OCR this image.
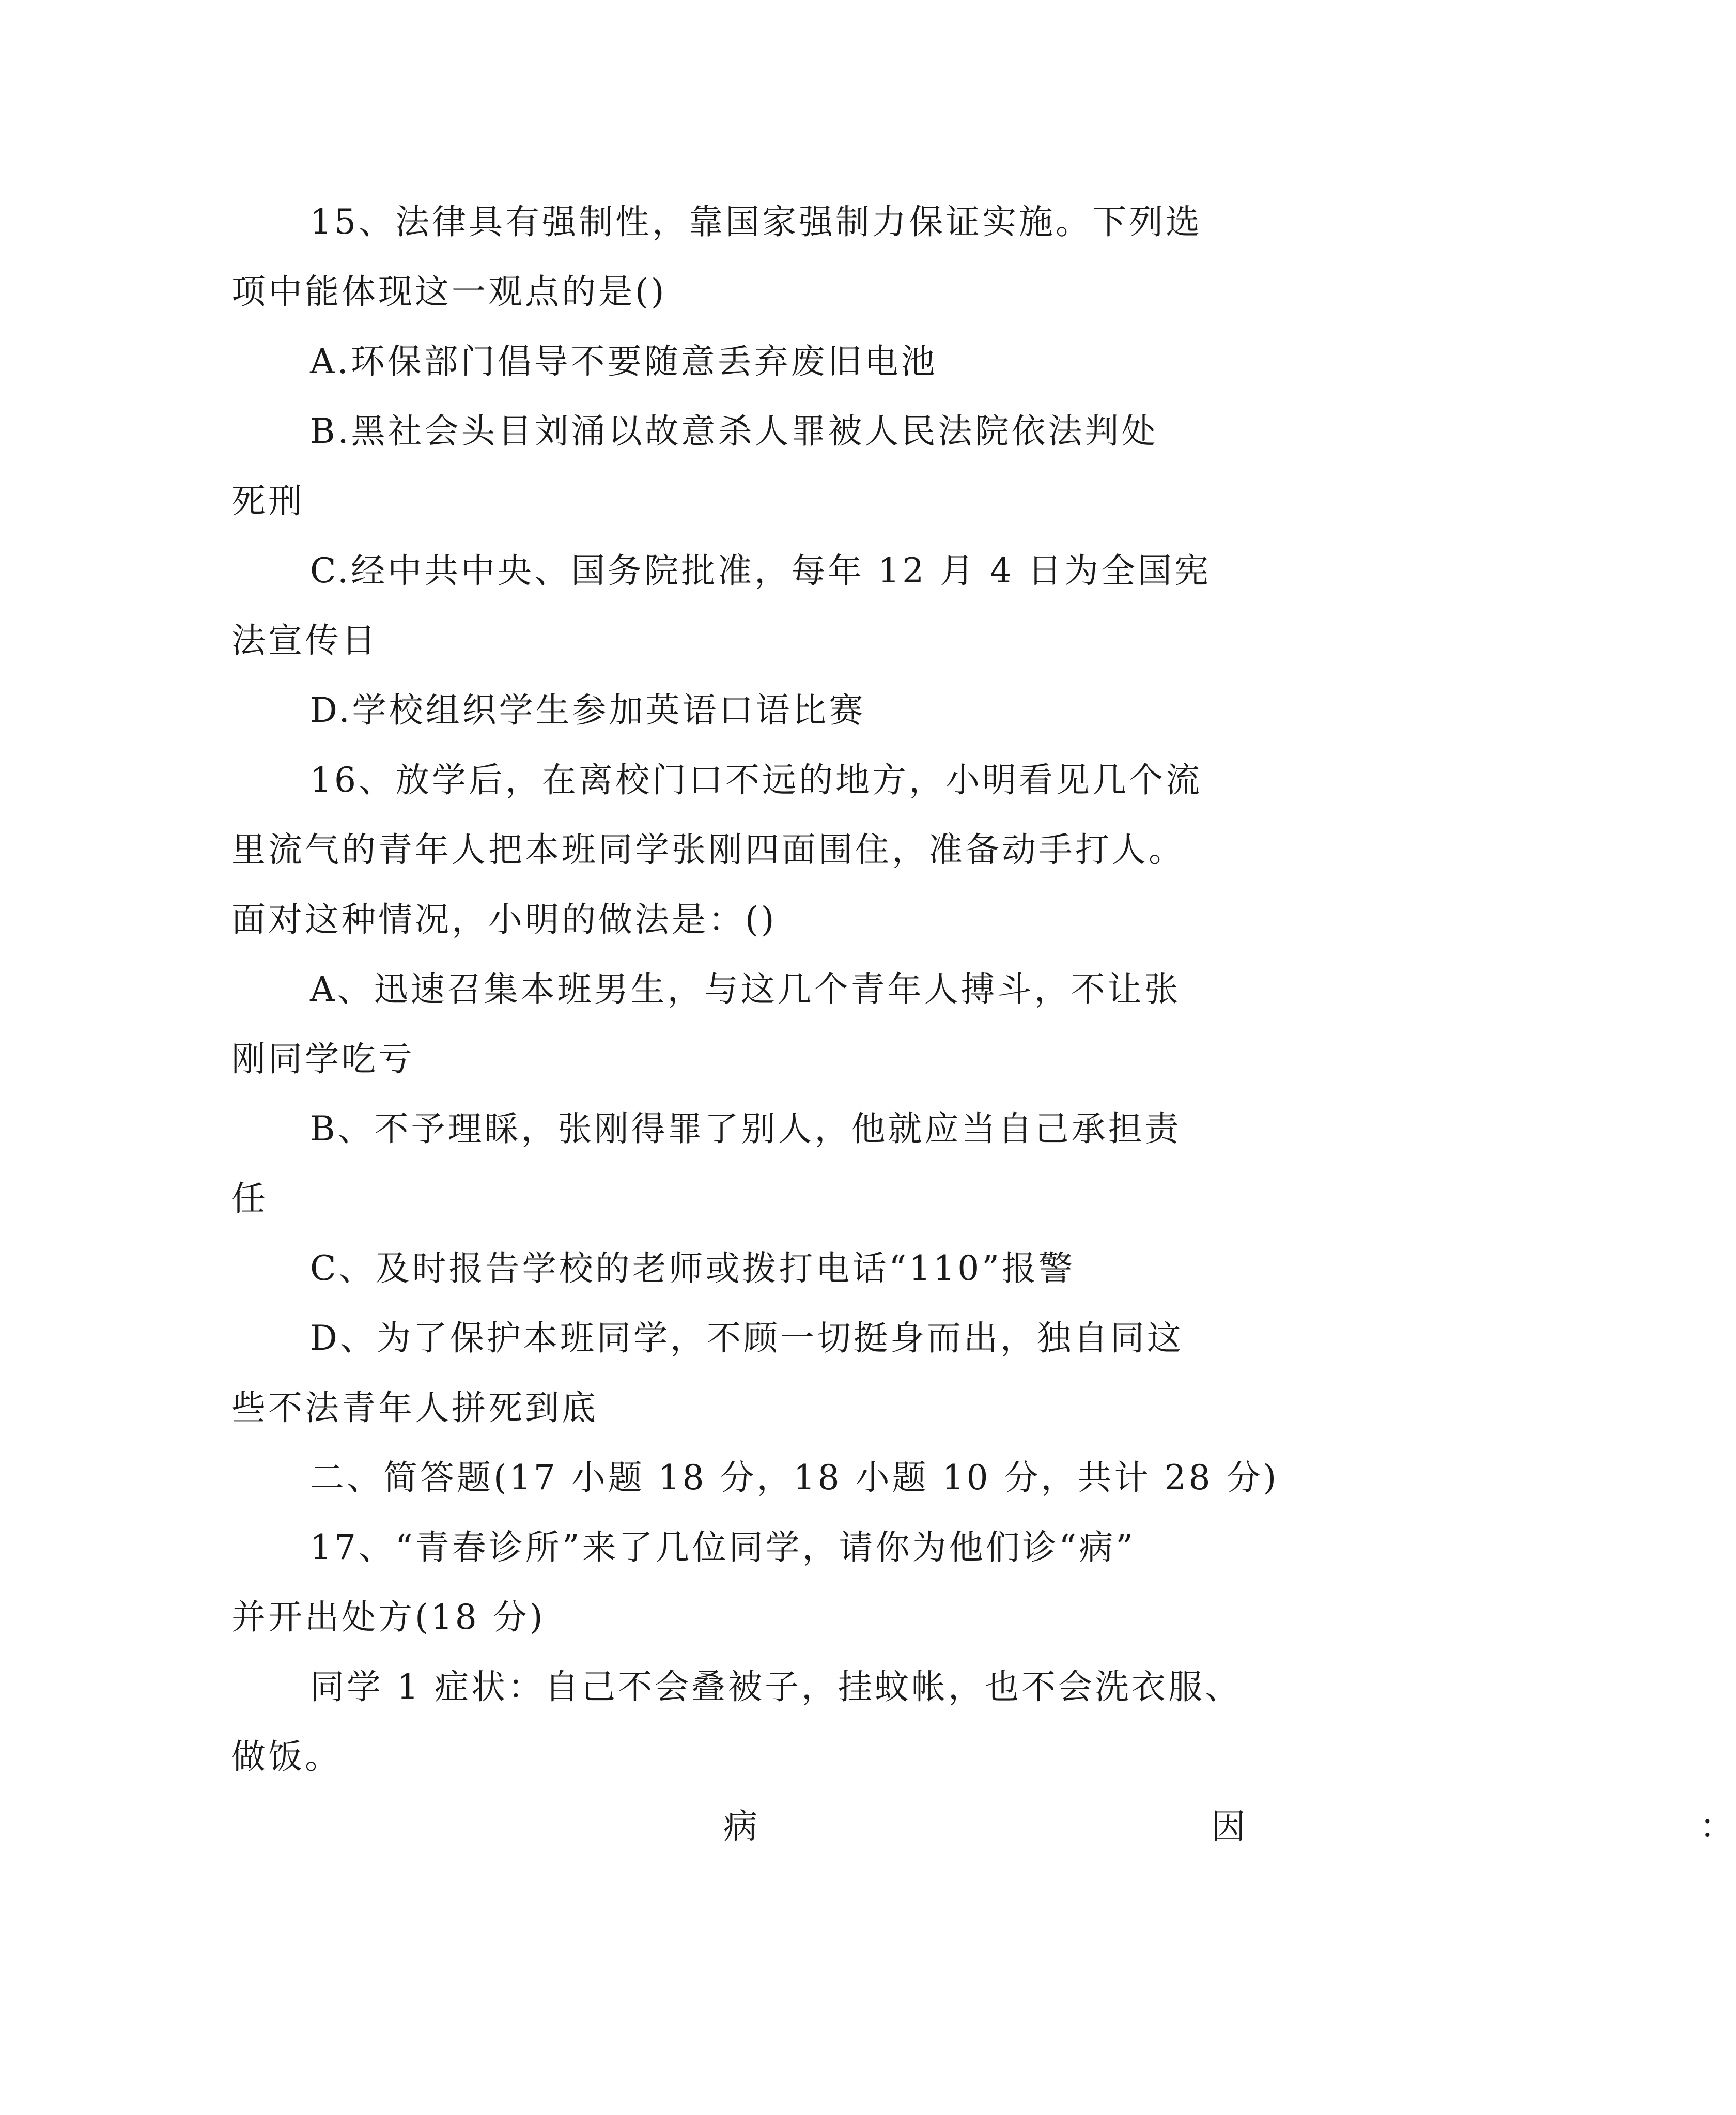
15、法律具有强制性，靠国家强制力保证实施。下列选
项中能体现这一观点的是()
A.环保部门倡导不要随意丢弃废旧电池
B.黑社会头目刘涌以故意杀人罪被人民法院依法判处
死刑
C.经中共中央、国务院批准，每年 12 月 4 日为全国宪
法宣传日
D.学校组织学生参加英语口语比赛
16、放学后，在离校门口不远的地方，小明看见几个流
里流气的青年人把本班同学张刚四面围住，准备动手打人。
面对这种情况，小明的做法是：()
A、迅速召集本班男生，与这几个青年人搏斗，不让张
刚同学吃亏
B、不予理睬，张刚得罪了别人，他就应当自己承担责
任
C、及时报告学校的老师或拨打电话“110”报警
D、为了保护本班同学，不顾一切挺身而出，独自同这
些不法青年人拼死到底
二、简答题(17 小题 18 分，18 小题 10 分，共计 28 分)
17、“青春诊所”来了几位同学，请你为他们诊“病”
并开出处方(18 分)
同学 1 症状：自己不会叠被子，挂蚊帐，也不会洗衣服、
做饭。
病	因	：
